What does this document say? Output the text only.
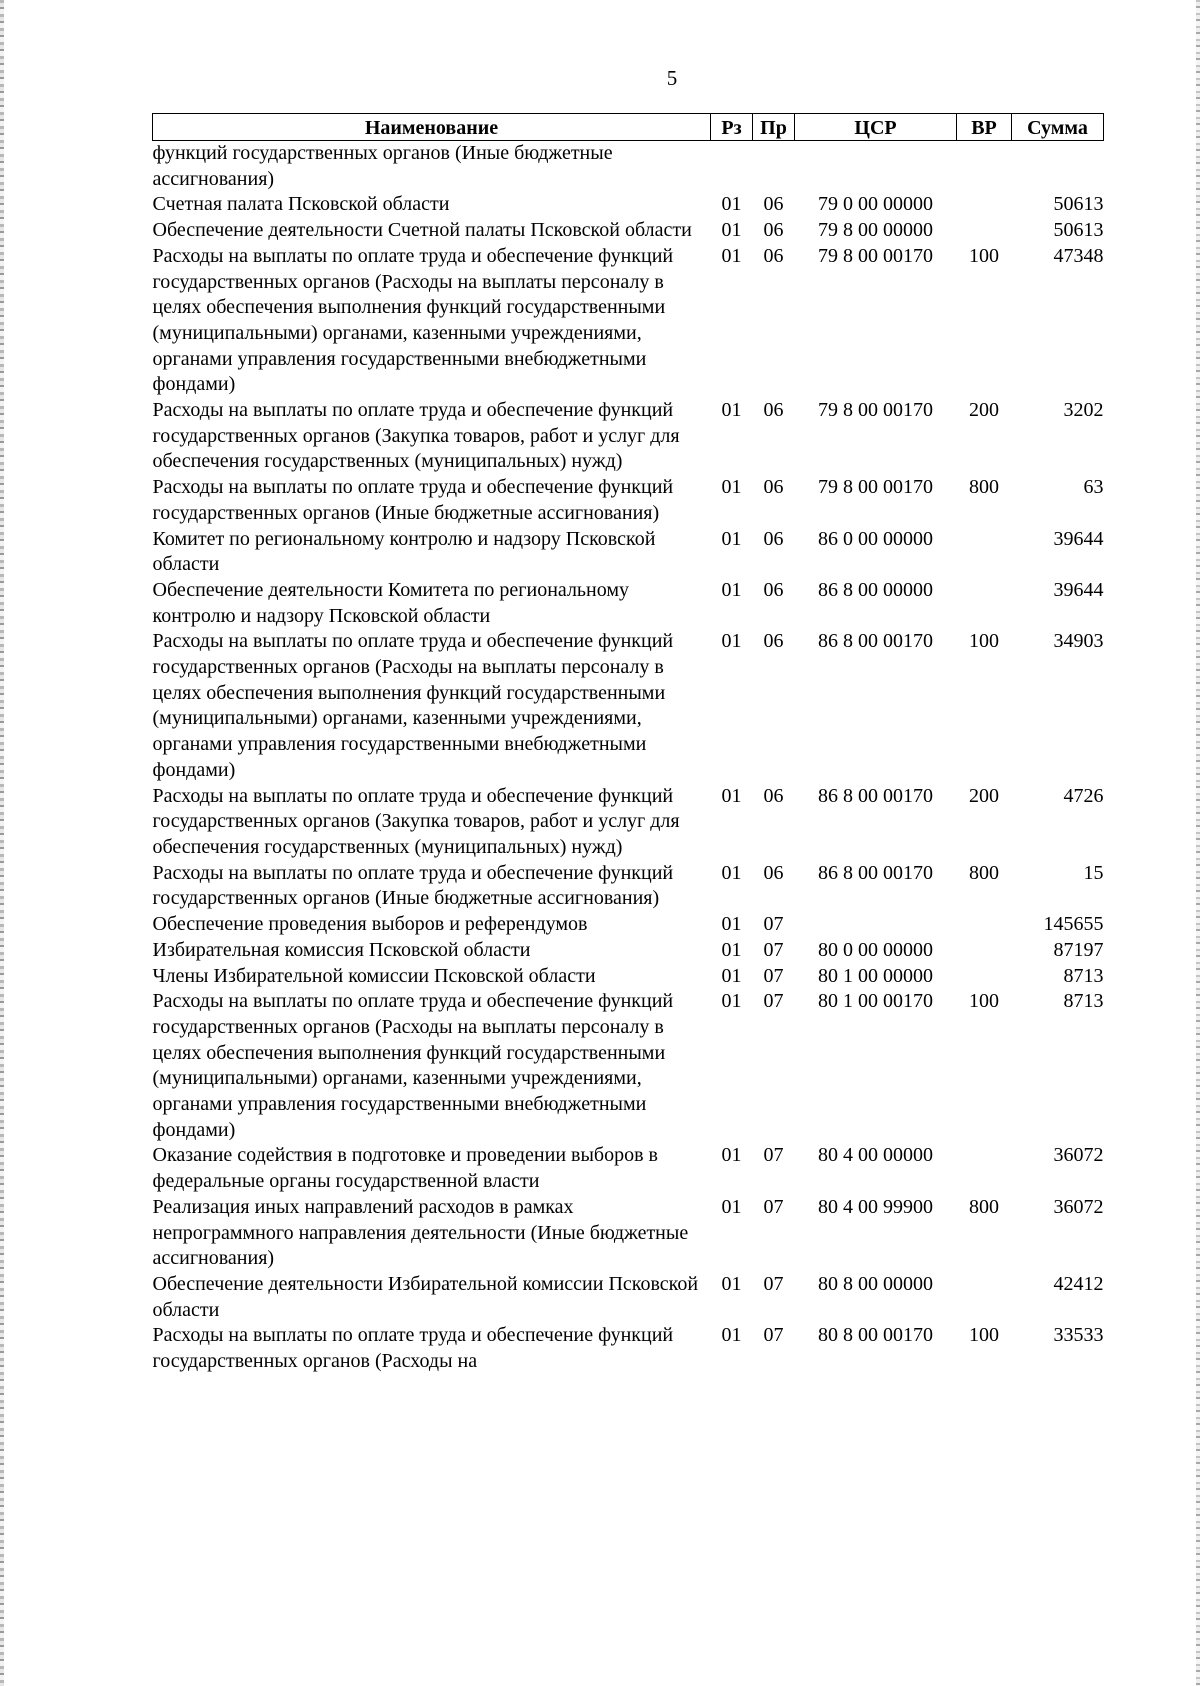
5
Наименование	Рз	Пр	ЦСР	ВР	Сумма
функций государственных органов (Иные бюджетные ассигнования)					
Счетная палата Псковской области	01	06	79 0 00 00000		50613
Обеспечение деятельности Счетной палаты Псковской области	01	06	79 8 00 00000		50613
Расходы на выплаты по оплате труда и обеспечение функций государственных органов (Расходы на выплаты персоналу в целях обеспечения выполнения функций государственными (муниципальными) органами, казенными учреждениями, органами управления государственными внебюджетными фондами)	01	06	79 8 00 00170	100	47348
Расходы на выплаты по оплате труда и обеспечение функций государственных органов (Закупка товаров, работ и услуг для обеспечения государственных (муниципальных) нужд)	01	06	79 8 00 00170	200	3202
Расходы на выплаты по оплате труда и обеспечение функций государственных органов (Иные бюджетные ассигнования)	01	06	79 8 00 00170	800	63
Комитет по региональному контролю и надзору Псковской области	01	06	86 0 00 00000		39644
Обеспечение деятельности Комитета по региональному контролю и надзору Псковской области	01	06	86 8 00 00000		39644
Расходы на выплаты по оплате труда и обеспечение функций государственных органов (Расходы на выплаты персоналу в целях обеспечения выполнения функций государственными (муниципальными) органами, казенными учреждениями, органами управления государственными внебюджетными фондами)	01	06	86 8 00 00170	100	34903
Расходы на выплаты по оплате труда и обеспечение функций государственных органов (Закупка товаров, работ и услуг для обеспечения государственных (муниципальных) нужд)	01	06	86 8 00 00170	200	4726
Расходы на выплаты по оплате труда и обеспечение функций государственных органов (Иные бюджетные ассигнования)	01	06	86 8 00 00170	800	15
Обеспечение проведения выборов и референдумов	01	07			145655
Избирательная комиссия Псковской области	01	07	80 0 00 00000		87197
Члены Избирательной комиссии Псковской области	01	07	80 1 00 00000		8713
Расходы на выплаты по оплате труда и обеспечение функций государственных органов (Расходы на выплаты персоналу в целях обеспечения выполнения функций государственными (муниципальными) органами, казенными учреждениями, органами управления государственными внебюджетными фондами)	01	07	80 1 00 00170	100	8713
Оказание содействия в подготовке и проведении выборов в федеральные органы государственной власти	01	07	80 4 00 00000		36072
Реализация иных направлений расходов в рамках непрограммного направления деятельности (Иные бюджетные ассигнования)	01	07	80 4 00 99900	800	36072
Обеспечение деятельности Избирательной комиссии Псковской области	01	07	80 8 00 00000		42412
Расходы на выплаты по оплате труда и обеспечение функций государственных органов (Расходы на	01	07	80 8 00 00170	100	33533
